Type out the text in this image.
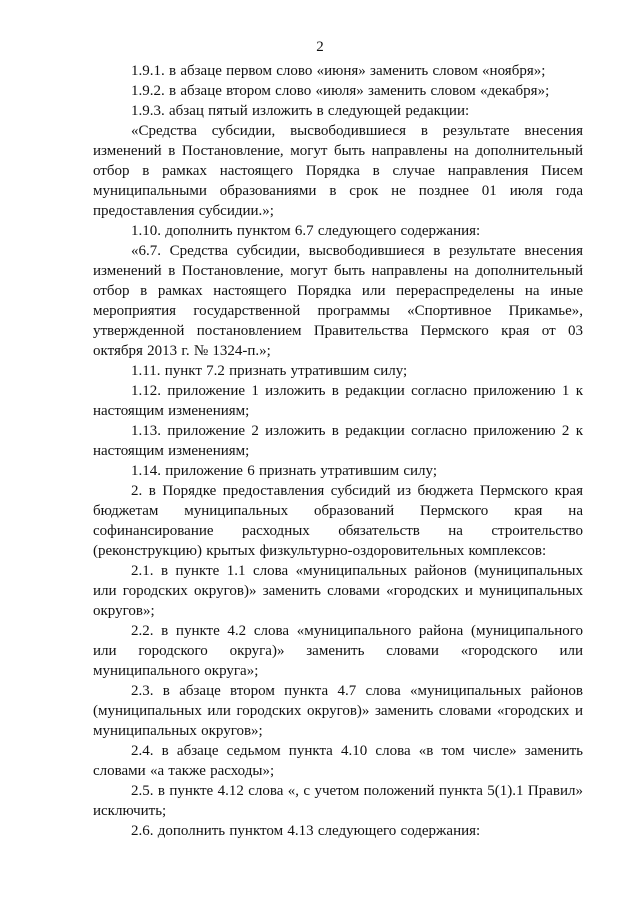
2

1.9.1. в абзаце первом слово «июня» заменить словом «ноября»;

1.9.2. в абзаце втором слово «июля» заменить словом «декабря»;

1.9.3. абзац пятый изложить в следующей редакции:

«Средства субсидии, высвободившиеся в результате внесения изменений в Постановление, могут быть направлены на дополнительный отбор в рамках настоящего Порядка в случае направления Писем муниципальными образованиями в срок не позднее 01 июля года предоставления субсидии.»;

1.10. дополнить пунктом 6.7 следующего содержания:

«6.7. Средства субсидии, высвободившиеся в результате внесения изменений в Постановление, могут быть направлены на дополнительный отбор в рамках настоящего Порядка или перераспределены на иные мероприятия государственной программы «Спортивное Прикамье», утвержденной постановлением Правительства Пермского края от 03 октября 2013 г. № 1324-п.»;

1.11. пункт 7.2 признать утратившим силу;

1.12. приложение 1 изложить в редакции согласно приложению 1 к настоящим изменениям;

1.13. приложение 2 изложить в редакции согласно приложению 2 к настоящим изменениям;

1.14. приложение 6 признать утратившим силу;

2. в Порядке предоставления субсидий из бюджета Пермского края бюджетам муниципальных образований Пермского края на софинансирование расходных обязательств на строительство (реконструкцию) крытых физкультурно-оздоровительных комплексов:

2.1. в пункте 1.1 слова «муниципальных районов (муниципальных или городских округов)» заменить словами «городских и муниципальных округов»;

2.2. в пункте 4.2 слова «муниципального района (муниципального или городского округа)» заменить словами «городского или муниципального округа»;

2.3. в абзаце втором пункта 4.7 слова «муниципальных районов (муниципальных или городских округов)» заменить словами «городских и муниципальных округов»;

2.4. в абзаце седьмом пункта 4.10 слова «в том числе» заменить словами «а также расходы»;

2.5. в пункте 4.12 слова «, с учетом положений пункта 5(1).1 Правил» исключить;

2.6. дополнить пунктом 4.13 следующего содержания:
